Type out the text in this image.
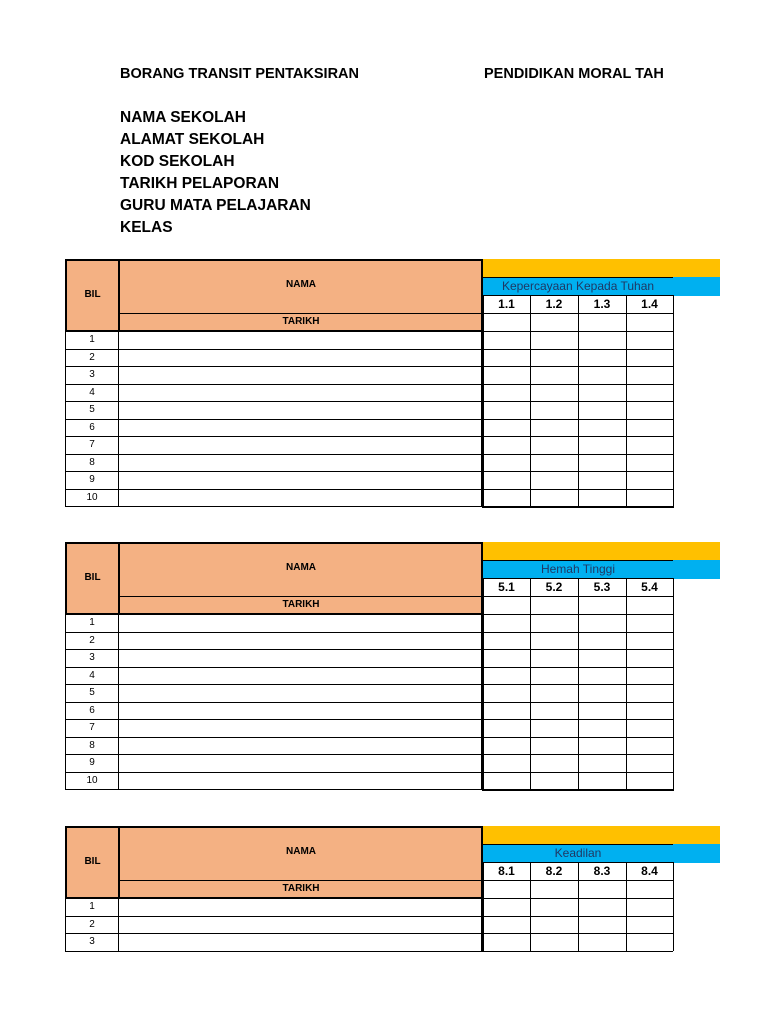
BORANG TRANSIT PENTAKSIRAN	PENDIDIKAN MORAL TAH
NAMA SEKOLAH
ALAMAT SEKOLAH
KOD SEKOLAH
TARIKH PELAPORAN
GURU MATA PELAJARAN
KELAS
BIL
NAMA
TARIKH
Kepercayaan Kepada Tuhan
1.1	1.2	1.3	1.4
1
2
3
4
5
6
7
8
9
10
BIL
NAMA
TARIKH
Hemah Tinggi
5.1	5.2	5.3	5.4
1
2
3
4
5
6
7
8
9
10
BIL
NAMA
TARIKH
Keadilan
8.1	8.2	8.3	8.4
1
2
3
